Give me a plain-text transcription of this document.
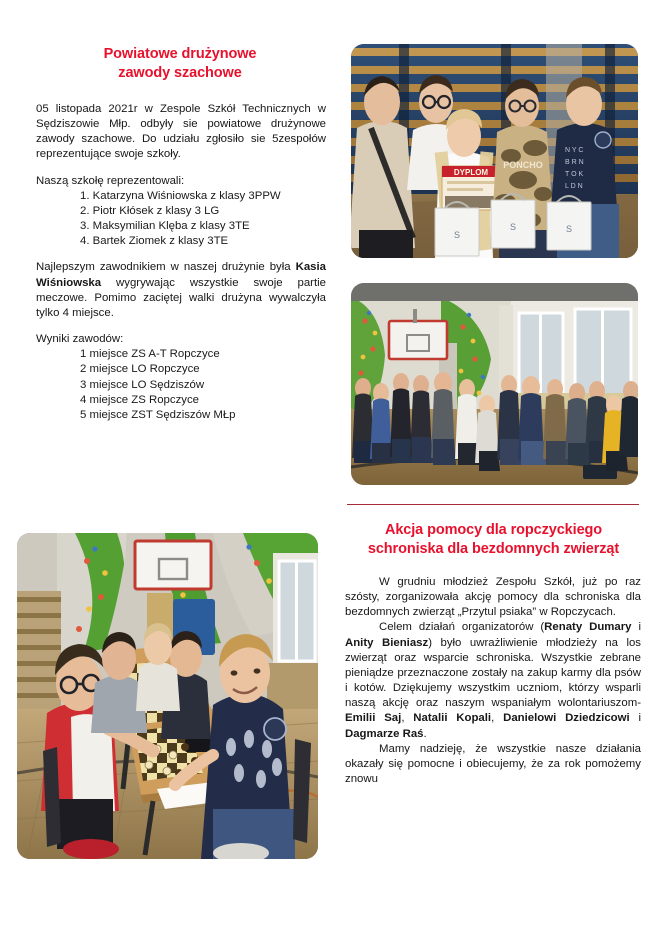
Powiatowe drużynowe
zawody szachowe

05 listopada 2021r w Zespole Szkół Technicznych w Sędziszowie Młp. odbyły sie powiatowe drużynowe zawody szachowe. Do udziału zgłosiło sie 5zespołów reprezentujące swoje szkoły.

Naszą szkołę reprezentowali:

1. Katarzyna Wiśniowska z klasy 3PPW
2. Piotr Kłósek z klasy 3 LG
3. Maksymilian Klęba z klasy 3TE
4. Bartek Ziomek z klasy 3TE

Najlepszym zawodnikiem w naszej drużynie była Kasia Wiśniowska wygrywając wszystkie swoje partie meczowe. Pomimo zaciętej walki drużyna wywalczyła tylko 4 miejsce.

Wyniki zawodów:

1 miejsce ZS A-T Ropczyce
2 miejsce LO Ropczyce
3 miejsce LO Sędziszów
4 miejsce ZS Ropczyce
5 miejsce ZST Sędziszów MŁp
DYPLOM
PONCHO
N Y C
B R N
T O K
L D N
S
S	S
Akcja pomocy dla ropczyckiego
schroniska dla bezdomnych zwierząt

W grudniu młodzież Zespołu Szkół, już po raz szósty, zorganizowała akcję pomocy dla schroniska dla bezdomnych zwierząt „Przytul psiaka” w Ropczycach.

Celem działań organizatorów (Renaty Dumary i Anity Bieniasz) było uwrażliwienie młodzieży na los zwierząt oraz wsparcie schroniska. Wszystkie zebrane pieniądze przeznaczone zostały na zakup karmy dla psów i kotów. Dziękujemy wszystkim uczniom, którzy wsparli naszą akcję oraz naszym wspaniałym wolontariuszom- Emilii Saj, Natalii Kopali, Danielowi Dziedzicowi i Dagmarze Raś.

Mamy nadzieję, że wszystkie nasze działania okazały się pomocne i obiecujemy, że za rok pomożemy znowu
